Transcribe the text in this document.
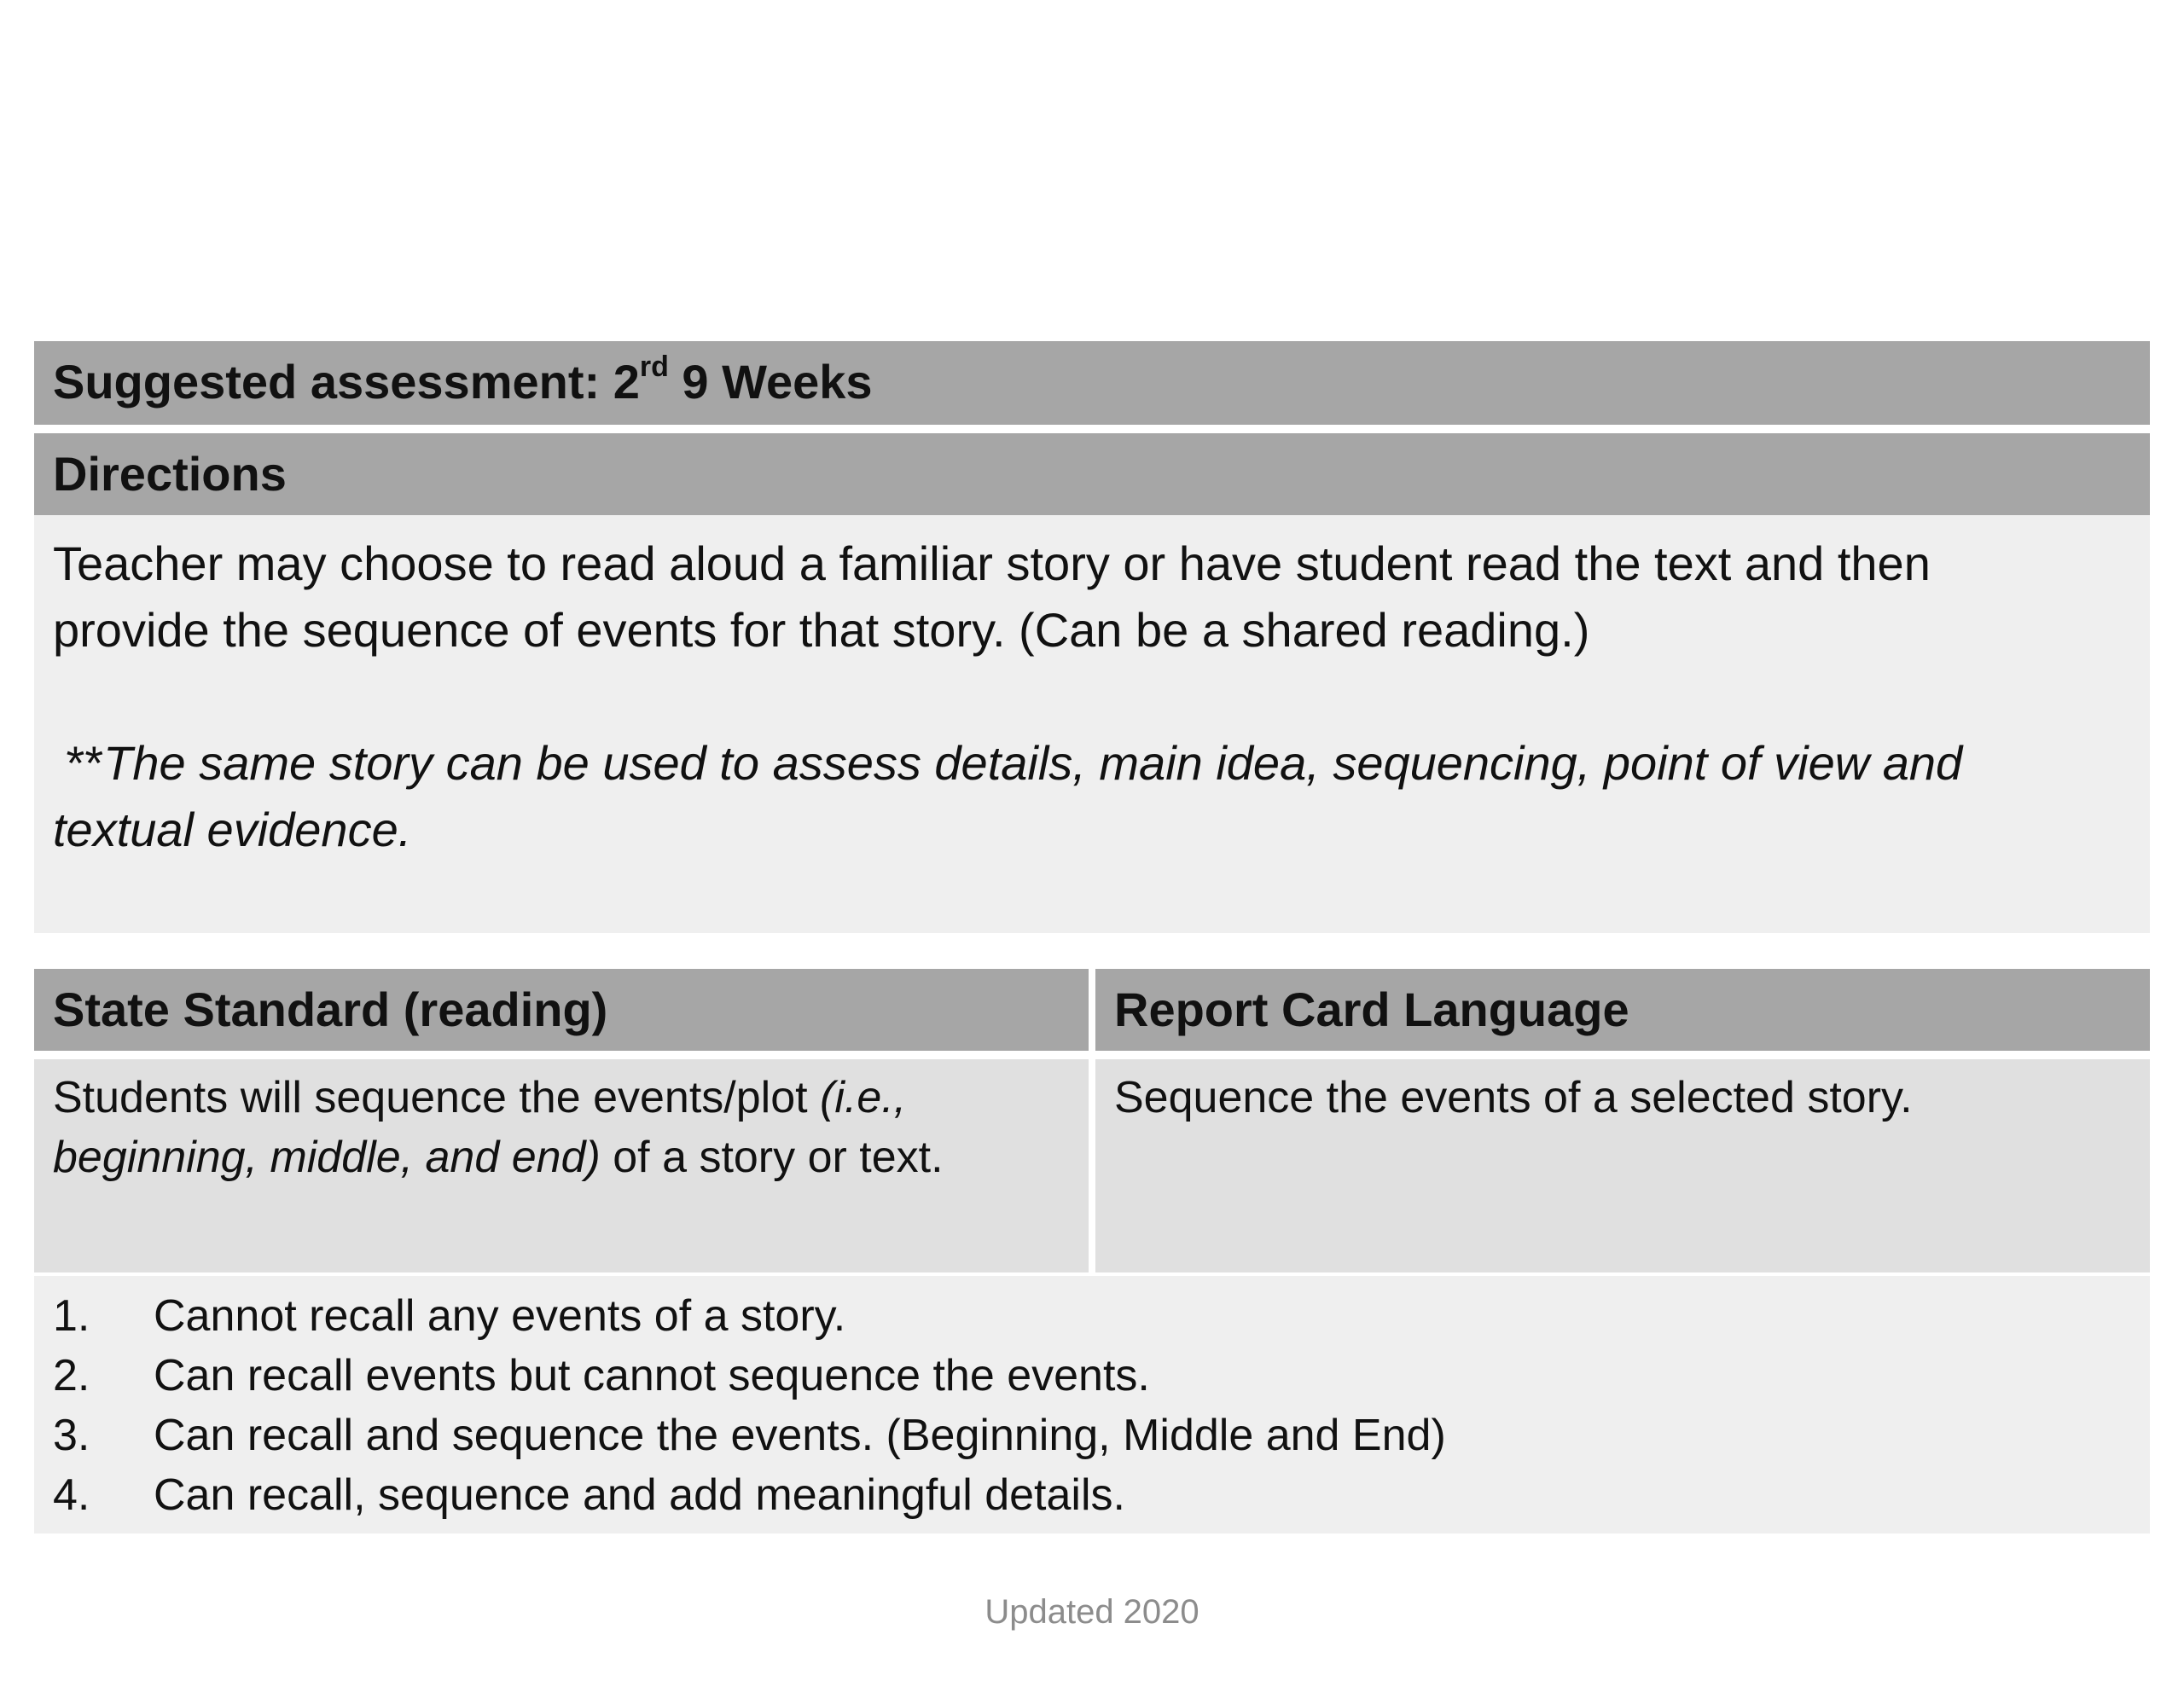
Suggested assessment: 2rd 9 Weeks
Directions
Teacher may choose to read aloud a familiar story or have student read the text and then provide the sequence of events for that story. (Can be a shared reading.)
**The same story can be used to assess details, main idea, sequencing, point of view and textual evidence.
State Standard (reading)	Report Card Language
Students will sequence the events/plot (i.e., beginning, middle, and end) of a story or text.
Sequence the events of a selected story.
1. Cannot recall any events of a story.
2. Can recall events but cannot sequence the events.
3. Can recall and sequence the events. (Beginning, Middle and End)
4. Can recall, sequence and add meaningful details.
Updated 2020
